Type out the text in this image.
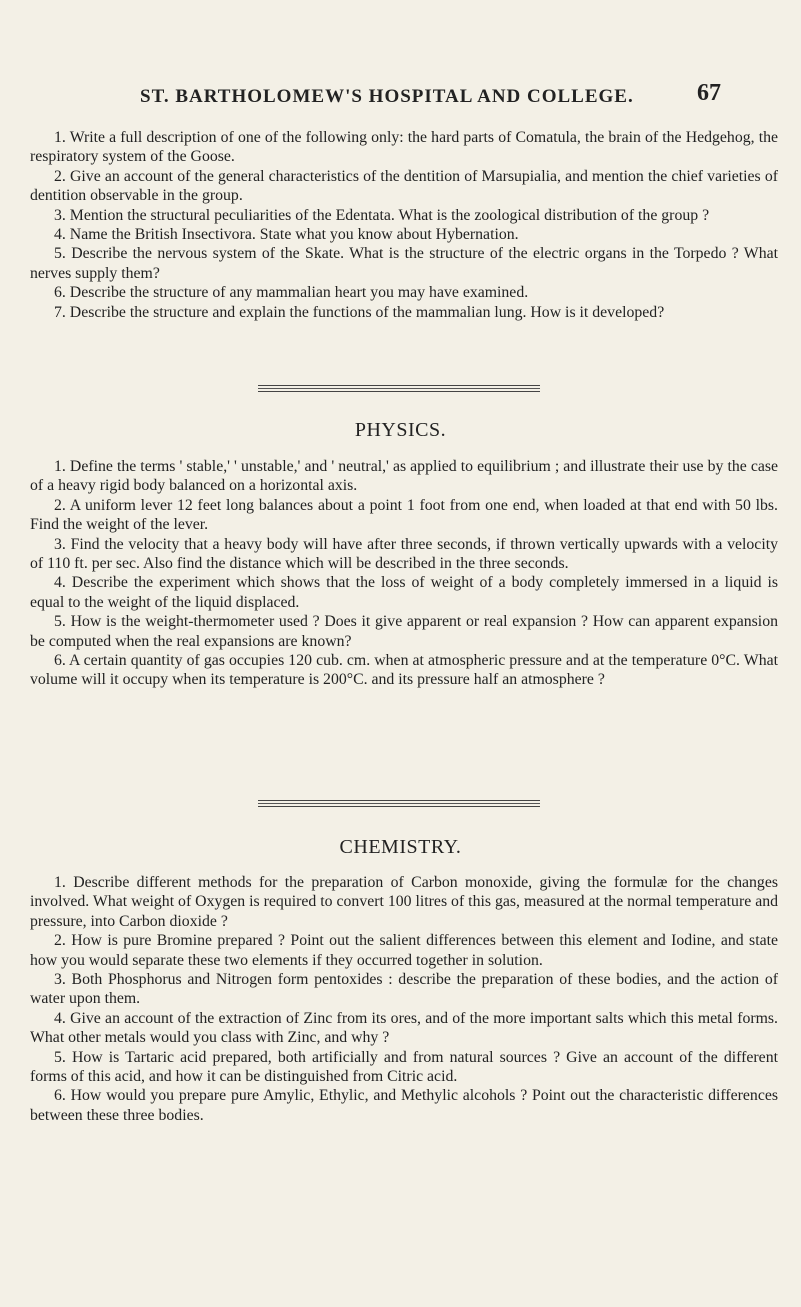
ST. BARTHOLOMEW'S HOSPITAL AND COLLEGE.	67

1. Write a full description of one of the following only: the hard parts of Comatula, the brain of the Hedgehog, the respiratory system of the Goose.

2. Give an account of the general characteristics of the dentition of Marsupialia, and mention the chief varieties of dentition observable in the group.

3. Mention the structural peculiarities of the Edentata. What is the zoological distribution of the group ?

4. Name the British Insectivora. State what you know about Hybernation.

5. Describe the nervous system of the Skate. What is the structure of the electric organs in the Torpedo ? What nerves supply them?

6. Describe the structure of any mammalian heart you may have examined.

7. Describe the structure and explain the functions of the mammalian lung. How is it developed?

PHYSICS.

1. Define the terms ' stable,' ' unstable,' and ' neutral,' as applied to equilibrium ; and illustrate their use by the case of a heavy rigid body balanced on a horizontal axis.

2. A uniform lever 12 feet long balances about a point 1 foot from one end, when loaded at that end with 50 lbs. Find the weight of the lever.

3. Find the velocity that a heavy body will have after three seconds, if thrown vertically upwards with a velocity of 110 ft. per sec. Also find the distance which will be described in the three seconds.

4. Describe the experiment which shows that the loss of weight of a body completely immersed in a liquid is equal to the weight of the liquid displaced.

5. How is the weight-thermometer used ? Does it give apparent or real expansion ? How can apparent expansion be computed when the real expansions are known?

6. A certain quantity of gas occupies 120 cub. cm. when at atmospheric pressure and at the temperature 0°C. What volume will it occupy when its temperature is 200°C. and its pressure half an atmosphere ?

CHEMISTRY.

1. Describe different methods for the preparation of Carbon monoxide, giving the formulæ for the changes involved. What weight of Oxygen is required to convert 100 litres of this gas, measured at the normal temperature and pressure, into Carbon dioxide ?

2. How is pure Bromine prepared ? Point out the salient differences between this element and Iodine, and state how you would separate these two elements if they occurred together in solution.

3. Both Phosphorus and Nitrogen form pentoxides : describe the preparation of these bodies, and the action of water upon them.

4. Give an account of the extraction of Zinc from its ores, and of the more important salts which this metal forms. What other metals would you class with Zinc, and why ?

5. How is Tartaric acid prepared, both artificially and from natural sources ? Give an account of the different forms of this acid, and how it can be distinguished from Citric acid.

6. How would you prepare pure Amylic, Ethylic, and Methylic alcohols ? Point out the characteristic differences between these three bodies.
